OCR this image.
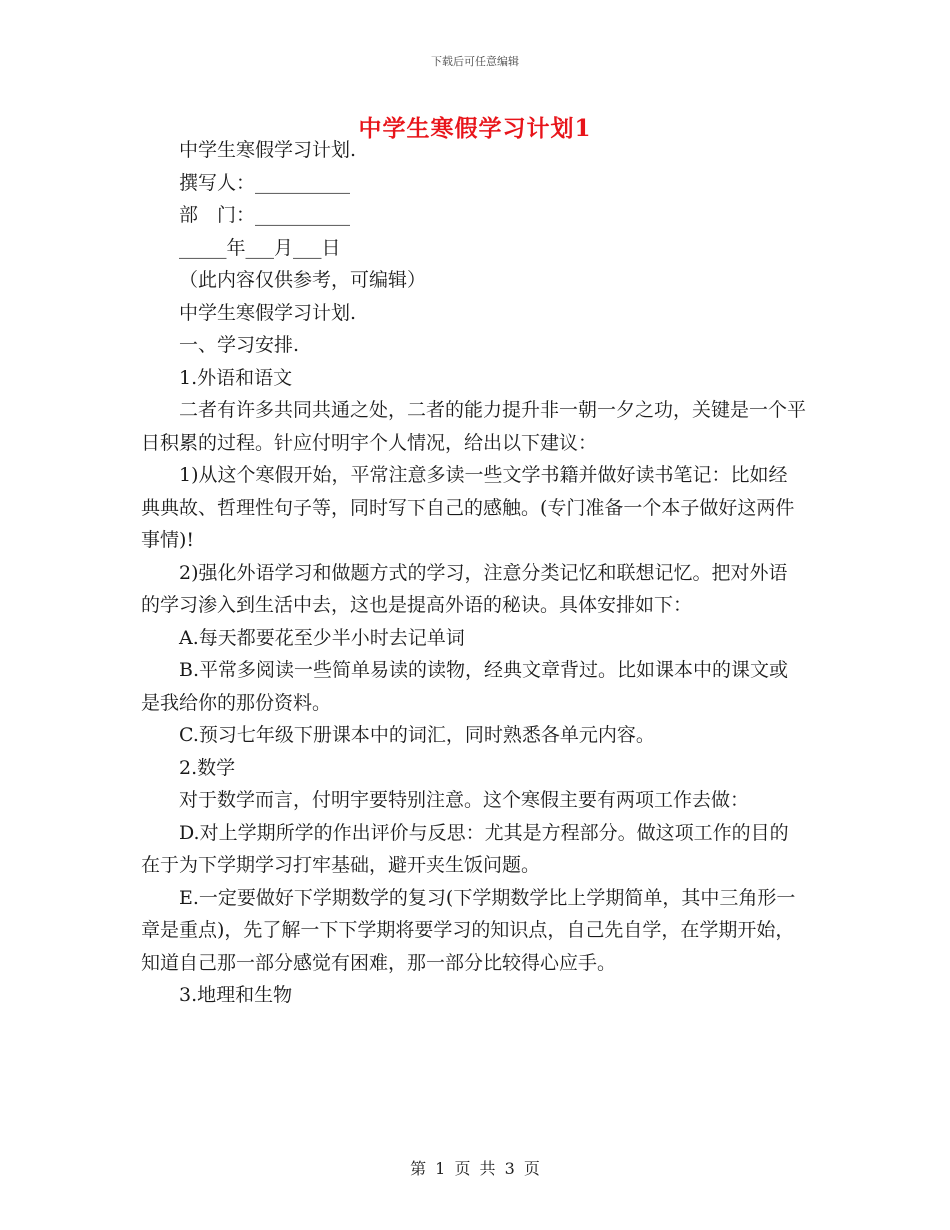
下载后可任意编辑
中学生寒假学习计划1

中学生寒假学习计划.

撰写人：__________

部　门：__________

_____年___月___日

（此内容仅供参考，可编辑）

中学生寒假学习计划.

一、学习安排.

1.外语和语文

二者有许多共同共通之处，二者的能力提升非一朝一夕之功，关键是一个平日积累的过程。针应付明宇个人情况，给出以下建议：

1)从这个寒假开始，平常注意多读一些文学书籍并做好读书笔记：比如经典典故、哲理性句子等，同时写下自己的感触。(专门准备一个本子做好这两件事情)!

2)强化外语学习和做题方式的学习，注意分类记忆和联想记忆。把对外语的学习渗入到生活中去，这也是提高外语的秘诀。具体安排如下：

A.每天都要花至少半小时去记单词

B.平常多阅读一些简单易读的读物，经典文章背过。比如课本中的课文或是我给你的那份资料。

C.预习七年级下册课本中的词汇，同时熟悉各单元内容。

2.数学

对于数学而言，付明宇要特别注意。这个寒假主要有两项工作去做：

D.对上学期所学的作出评价与反思：尤其是方程部分。做这项工作的目的在于为下学期学习打牢基础，避开夹生饭问题。

E.一定要做好下学期数学的复习(下学期数学比上学期简单，其中三角形一章是重点)，先了解一下下学期将要学习的知识点，自己先自学，在学期开始，知道自己那一部分感觉有困难，那一部分比较得心应手。

3.地理和生物

第 1 页 共 3 页
